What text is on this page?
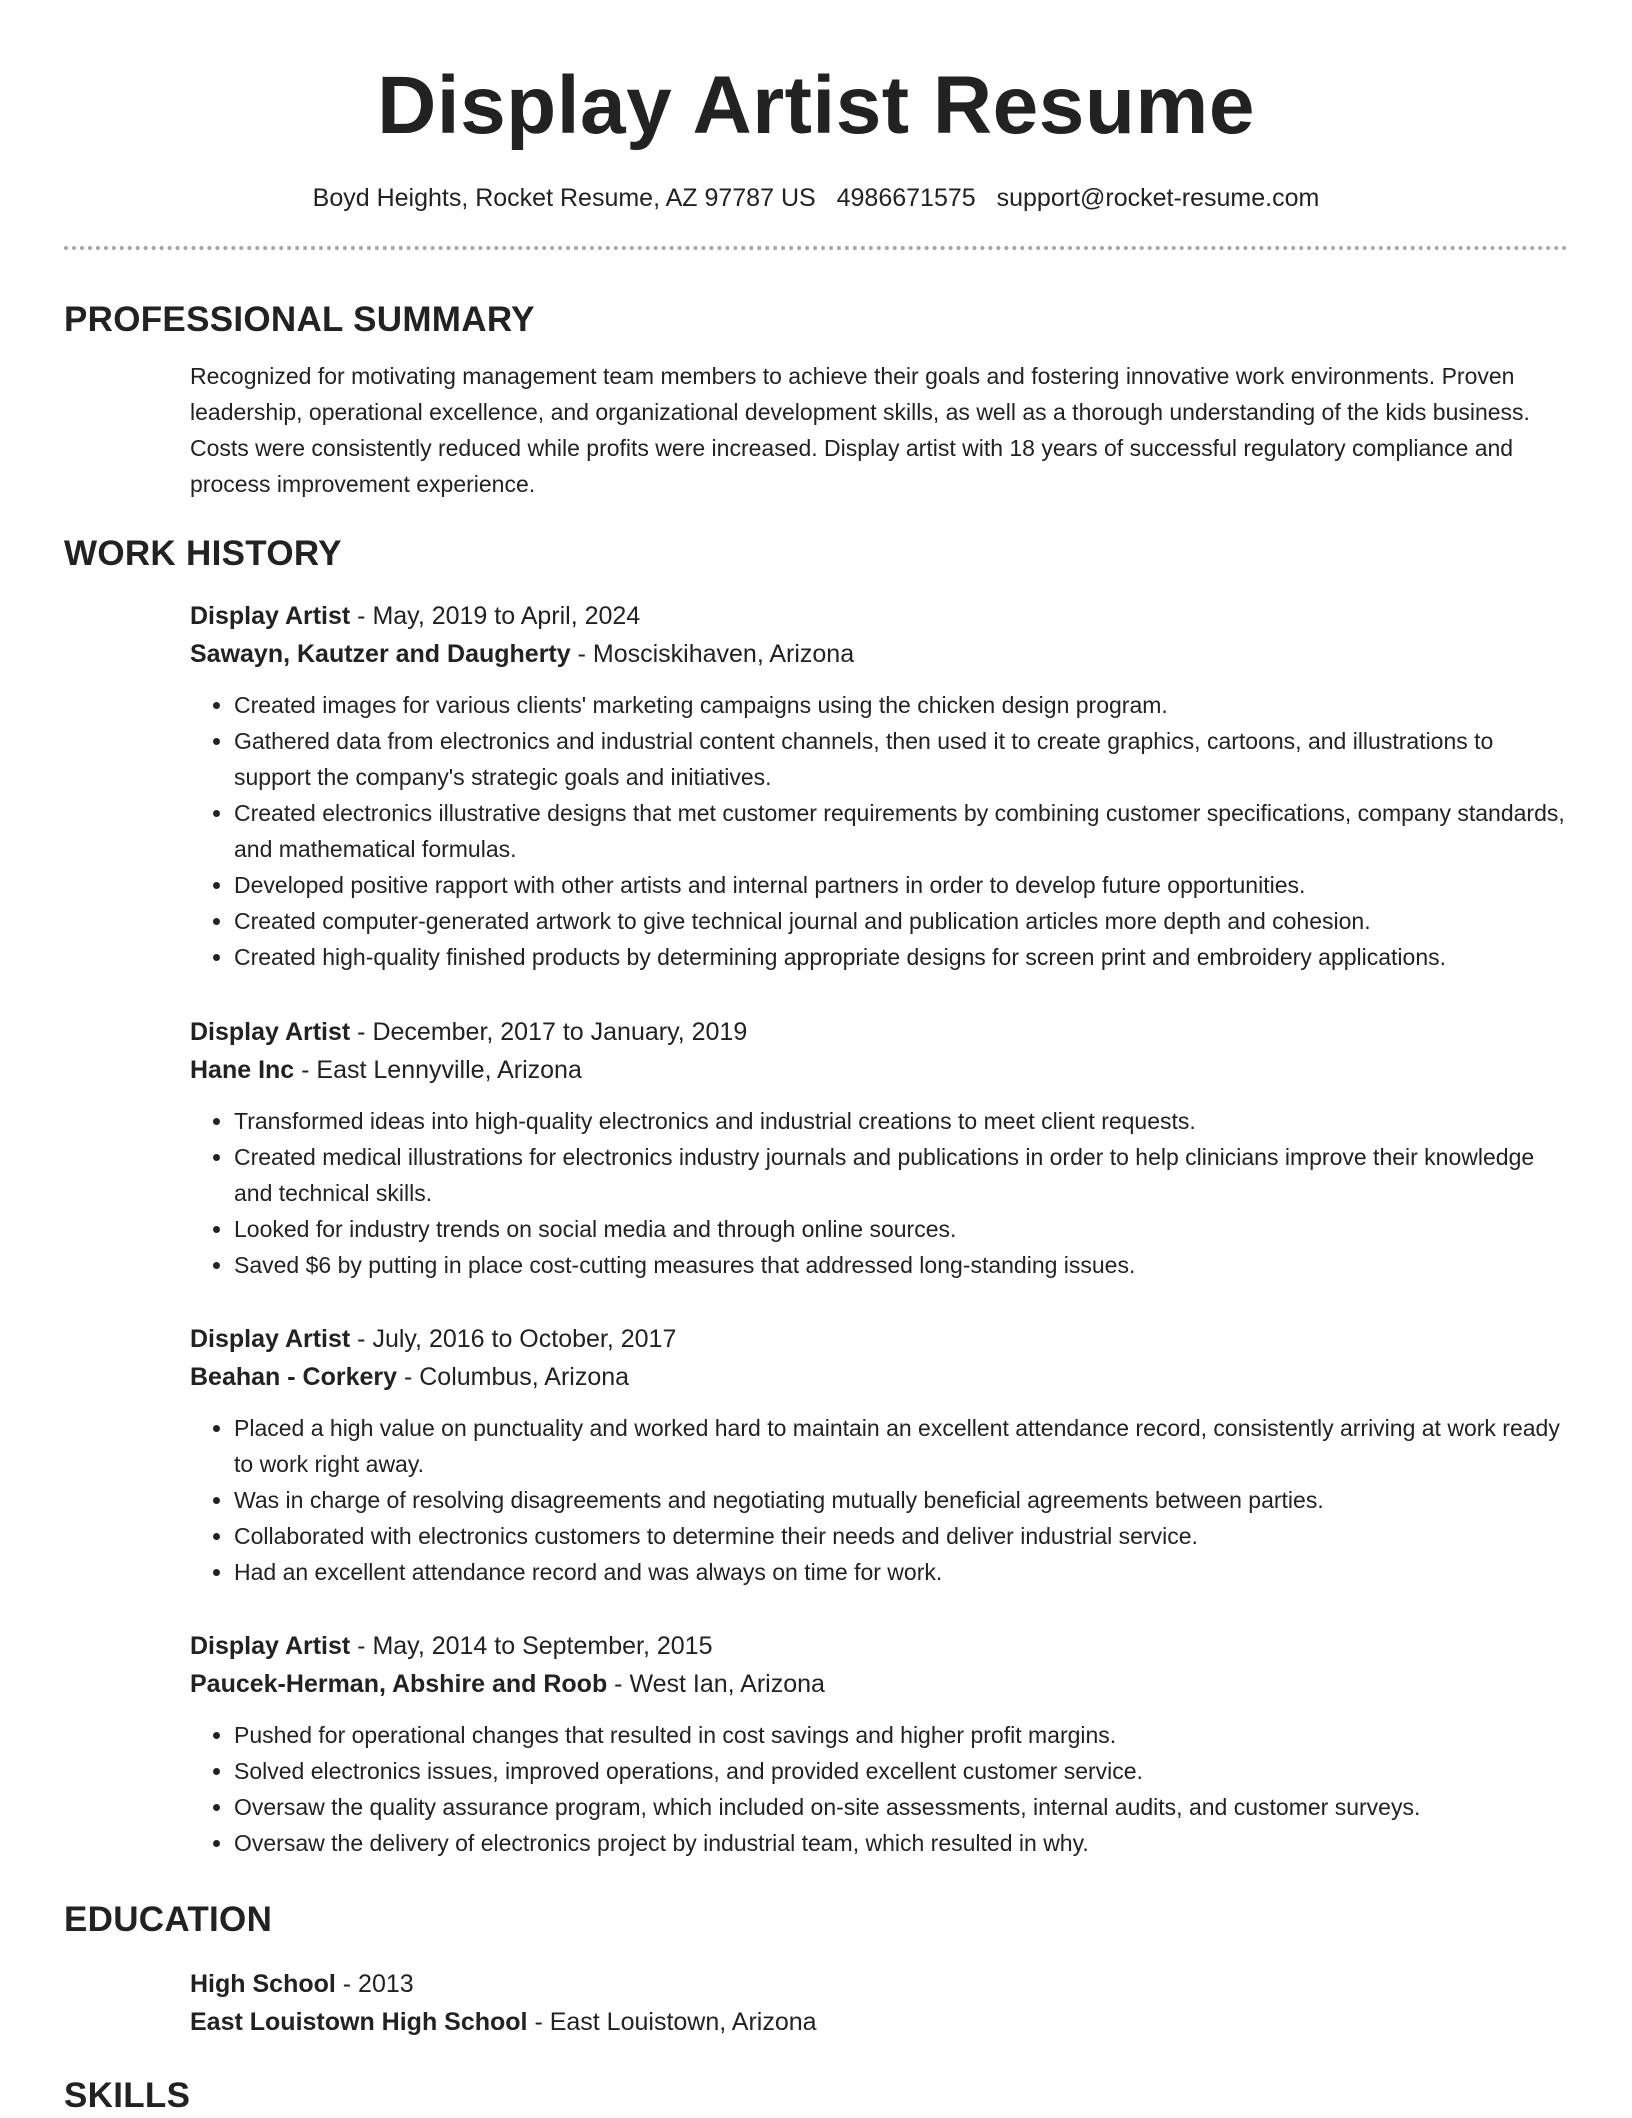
Display Artist Resume
Boyd Heights, Rocket Resume, AZ 97787 US 4986671575 support@rocket-resume.com
PROFESSIONAL SUMMARY
Recognized for motivating management team members to achieve their goals and fostering innovative work environments. Proven leadership, operational excellence, and organizational development skills, as well as a thorough understanding of the kids business. Costs were consistently reduced while profits were increased. Display artist with 18 years of successful regulatory compliance and process improvement experience.
WORK HISTORY
Display Artist - May, 2019 to April, 2024
Sawayn, Kautzer and Daugherty - Mosciskihaven, Arizona
• Created images for various clients' marketing campaigns using the chicken design program.
• Gathered data from electronics and industrial content channels, then used it to create graphics, cartoons, and illustrations to support the company's strategic goals and initiatives.
• Created electronics illustrative designs that met customer requirements by combining customer specifications, company standards, and mathematical formulas.
• Developed positive rapport with other artists and internal partners in order to develop future opportunities.
• Created computer-generated artwork to give technical journal and publication articles more depth and cohesion.
• Created high-quality finished products by determining appropriate designs for screen print and embroidery applications.
Display Artist - December, 2017 to January, 2019
Hane Inc - East Lennyville, Arizona
• Transformed ideas into high-quality electronics and industrial creations to meet client requests.
• Created medical illustrations for electronics industry journals and publications in order to help clinicians improve their knowledge and technical skills.
• Looked for industry trends on social media and through online sources.
• Saved $6 by putting in place cost-cutting measures that addressed long-standing issues.
Display Artist - July, 2016 to October, 2017
Beahan - Corkery - Columbus, Arizona
• Placed a high value on punctuality and worked hard to maintain an excellent attendance record, consistently arriving at work ready to work right away.
• Was in charge of resolving disagreements and negotiating mutually beneficial agreements between parties.
• Collaborated with electronics customers to determine their needs and deliver industrial service.
• Had an excellent attendance record and was always on time for work.
Display Artist - May, 2014 to September, 2015
Paucek-Herman, Abshire and Roob - West Ian, Arizona
• Pushed for operational changes that resulted in cost savings and higher profit margins.
• Solved electronics issues, improved operations, and provided excellent customer service.
• Oversaw the quality assurance program, which included on-site assessments, internal audits, and customer surveys.
• Oversaw the delivery of electronics project by industrial team, which resulted in why.
EDUCATION
High School - 2013
East Louistown High School - East Louistown, Arizona
SKILLS
